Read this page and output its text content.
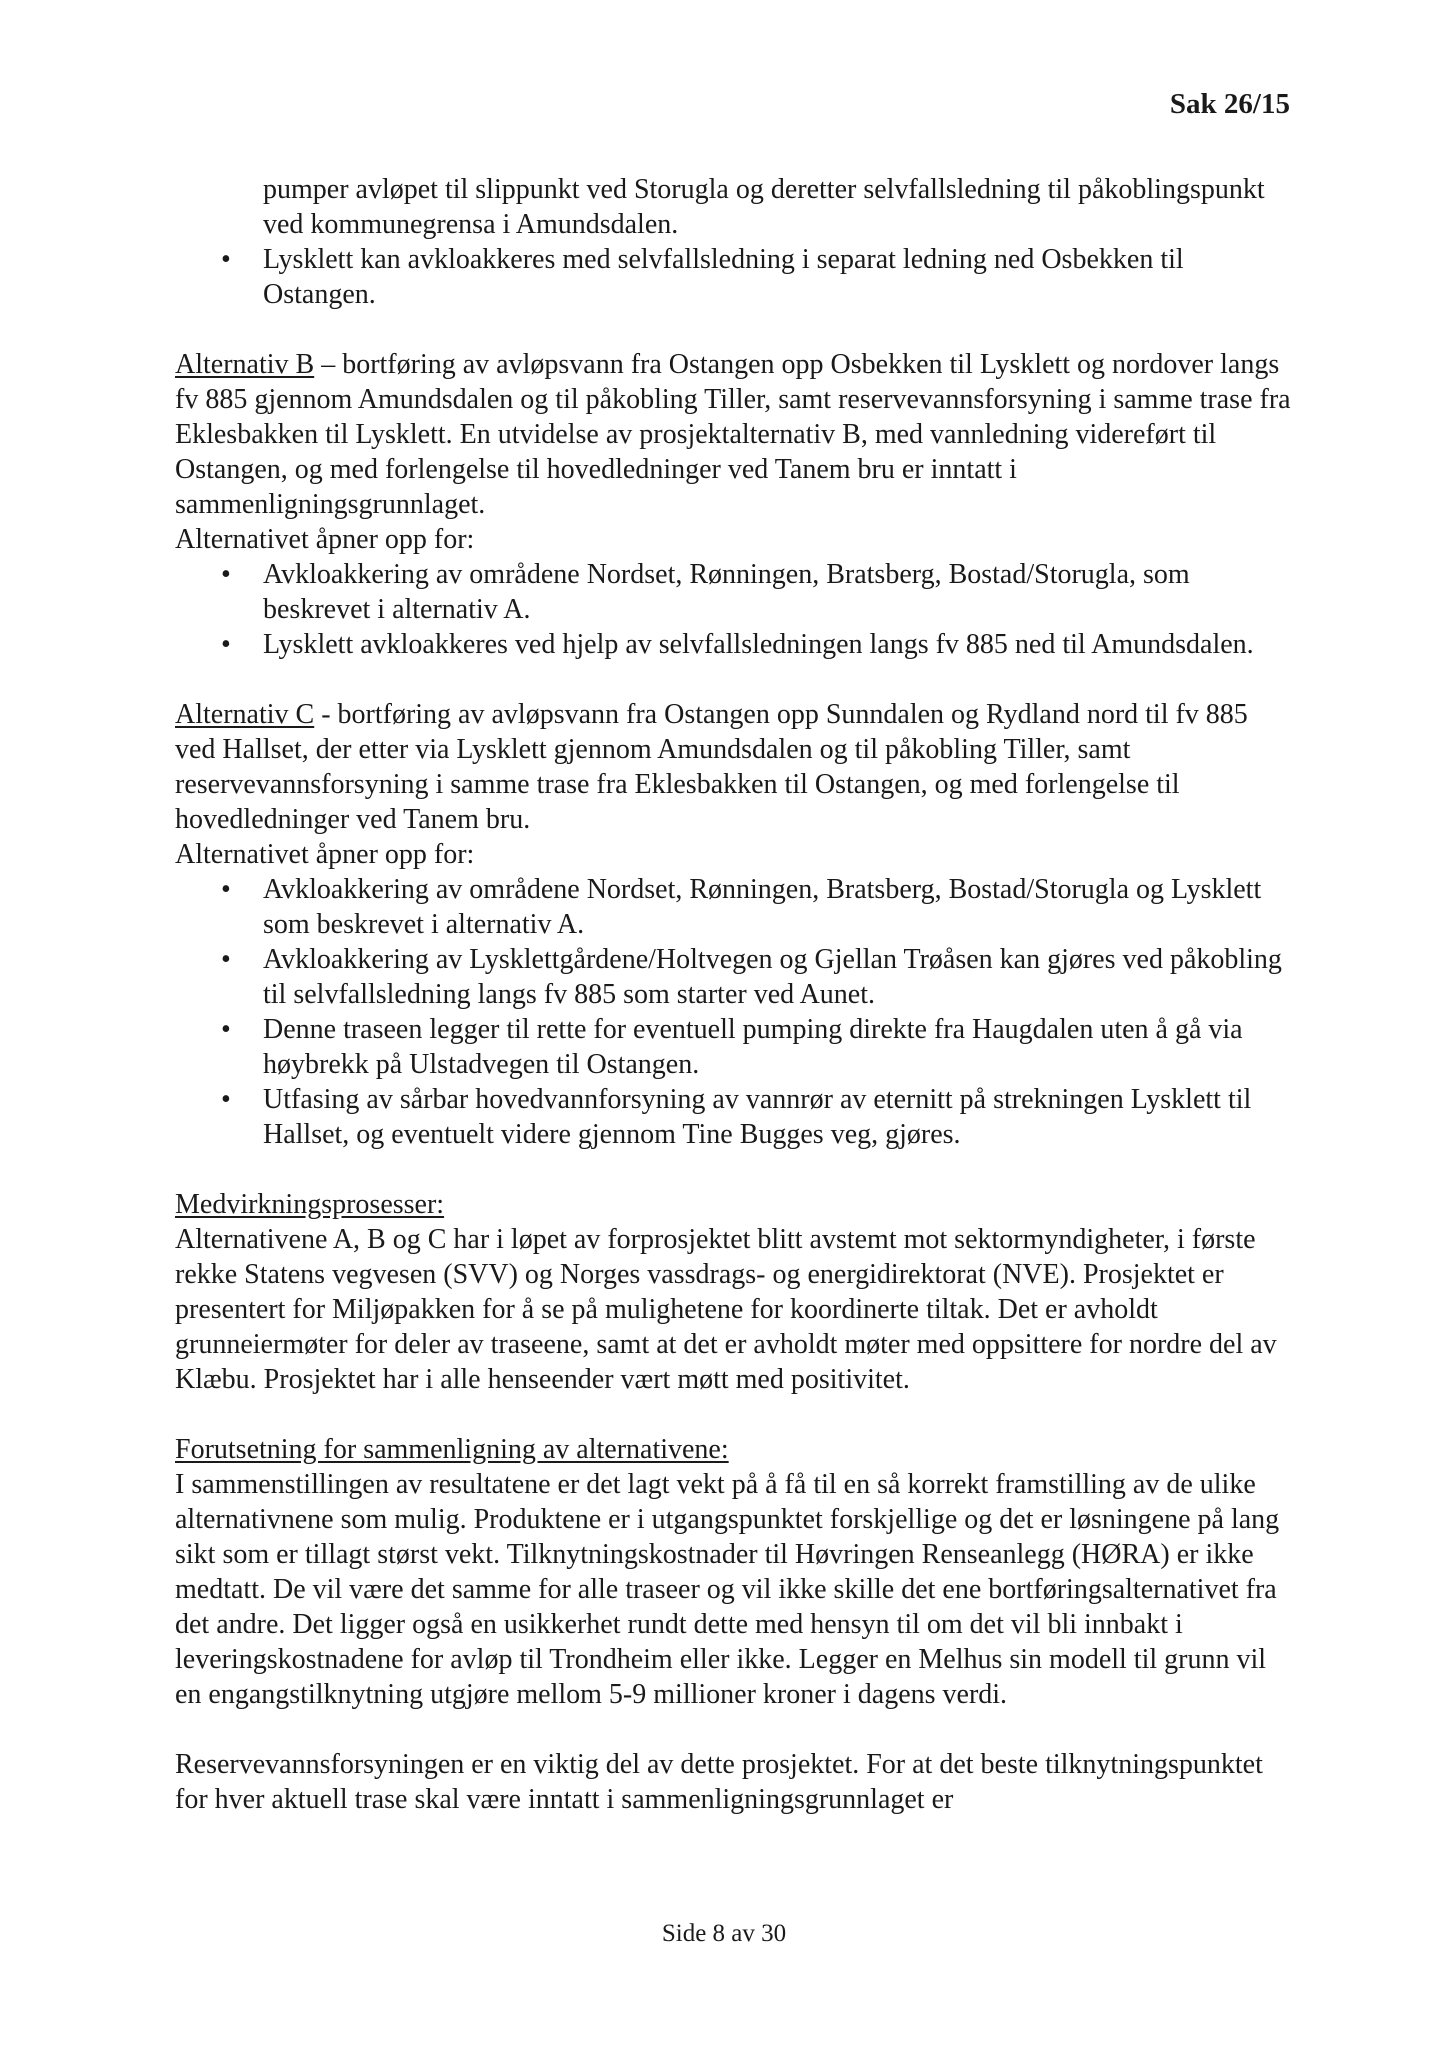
Sak 26/15

pumper avløpet til slippunkt ved Storugla og deretter selvfallsledning til påkoblingspunkt ved kommunegrensa i Amundsdalen.

• Lysklett kan avkloakkeres med selvfallsledning i separat ledning ned Osbekken til Ostangen.

Alternativ B – bortføring av avløpsvann fra Ostangen opp Osbekken til Lysklett og nordover langs fv 885 gjennom Amundsdalen og til påkobling Tiller, samt reservevannsforsyning i samme trase fra Eklesbakken til Lysklett. En utvidelse av prosjektalternativ B, med vannledning videreført til Ostangen, og med forlengelse til hovedledninger ved Tanem bru er inntatt i sammenligningsgrunnlaget.

Alternativet åpner opp for:

• Avkloakkering av områdene Nordset, Rønningen, Bratsberg, Bostad/Storugla, som beskrevet i alternativ A.
• Lysklett avkloakkeres ved hjelp av selvfallsledningen langs fv 885 ned til Amundsdalen.

Alternativ C - bortføring av avløpsvann fra Ostangen opp Sunndalen og Rydland nord til fv 885 ved Hallset, der etter via Lysklett gjennom Amundsdalen og til påkobling Tiller, samt reservevannsforsyning i samme trase fra Eklesbakken til Ostangen, og med forlengelse til hovedledninger ved Tanem bru.

Alternativet åpner opp for:

• Avkloakkering av områdene Nordset, Rønningen, Bratsberg, Bostad/Storugla og Lysklett som beskrevet i alternativ A.
• Avkloakkering av Lysklettgårdene/Holtvegen og Gjellan Trøåsen kan gjøres ved påkobling til selvfallsledning langs fv 885 som starter ved Aunet.
• Denne traseen legger til rette for eventuell pumping direkte fra Haugdalen uten å gå via høybrekk på Ulstadvegen til Ostangen.
• Utfasing av sårbar hovedvannforsyning av vannrør av eternitt på strekningen Lysklett til Hallset, og eventuelt videre gjennom Tine Bugges veg, gjøres.

Medvirkningsprosesser:

Alternativene A, B og C har i løpet av forprosjektet blitt avstemt mot sektormyndigheter, i første rekke Statens vegvesen (SVV) og Norges vassdrags- og energidirektorat (NVE). Prosjektet er presentert for Miljøpakken for å se på mulighetene for koordinerte tiltak. Det er avholdt grunneiermøter for deler av traseene, samt at det er avholdt møter med oppsittere for nordre del av Klæbu. Prosjektet har i alle henseender vært møtt med positivitet.

Forutsetning for sammenligning av alternativene:

I sammenstillingen av resultatene er det lagt vekt på å få til en så korrekt framstilling av de ulike alternativnene som mulig. Produktene er i utgangspunktet forskjellige og det er løsningene på lang sikt som er tillagt størst vekt. Tilknytningskostnader til Høvringen Renseanlegg (HØRA) er ikke medtatt. De vil være det samme for alle traseer og vil ikke skille det ene bortføringsalternativet fra det andre. Det ligger også en usikkerhet rundt dette med hensyn til om det vil bli innbakt i leveringskostnadene for avløp til Trondheim eller ikke. Legger en Melhus sin modell til grunn vil en engangstilknytning utgjøre mellom 5-9 millioner kroner i dagens verdi.

Reservevannsforsyningen er en viktig del av dette prosjektet. For at det beste tilknytningspunktet for hver aktuell trase skal være inntatt i sammenligningsgrunnlaget er

Side 8 av 30
